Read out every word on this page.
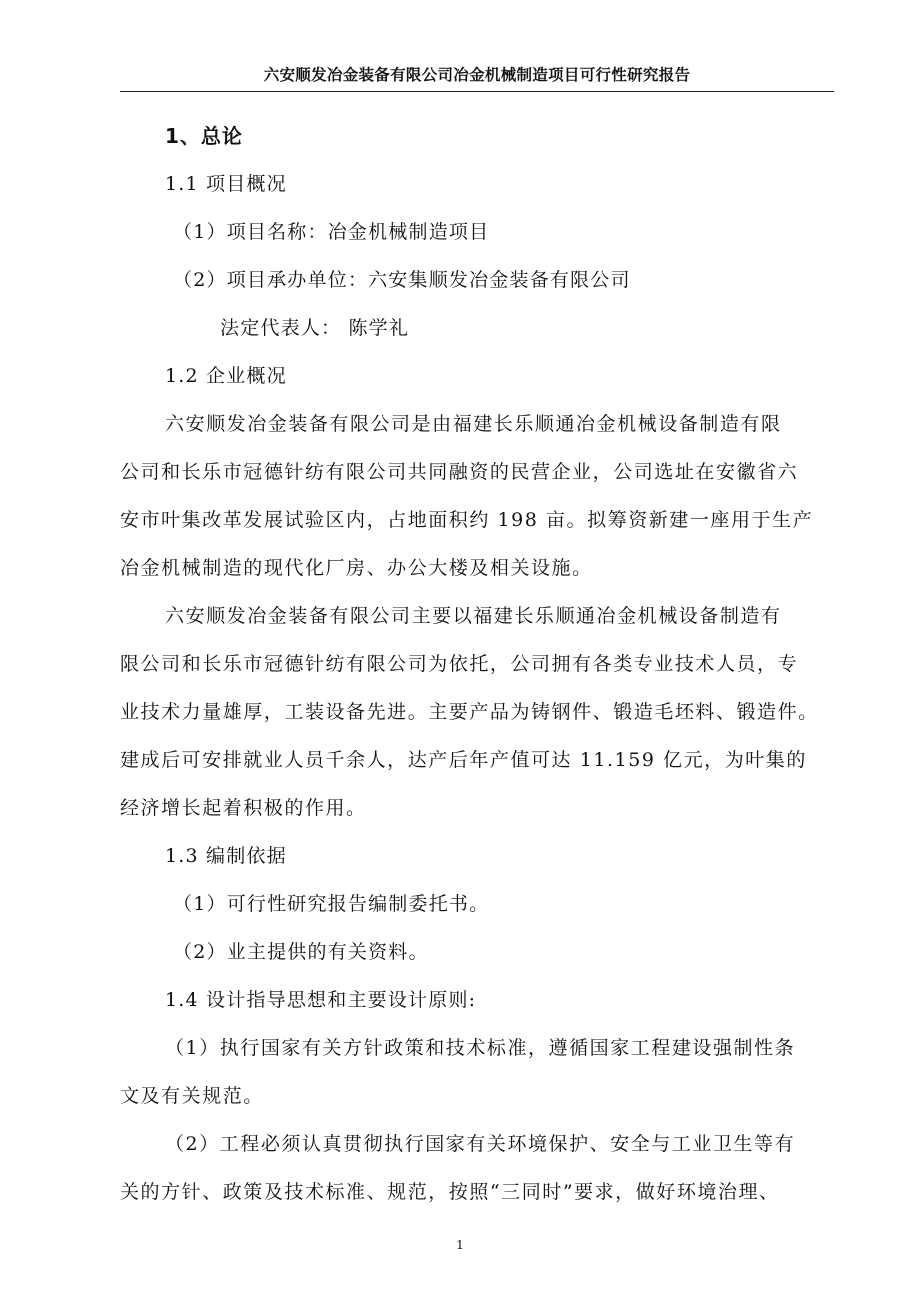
六安顺发冶金装备有限公司冶金机械制造项目可行性研究报告
1、总论
1.1 项目概况
（1）项目名称：冶金机械制造项目
（2）项目承办单位：六安集顺发冶金装备有限公司
法定代表人： 陈学礼
1.2 企业概况
六安顺发冶金装备有限公司是由福建长乐顺通冶金机械设备制造有限
公司和长乐市冠德针纺有限公司共同融资的民营企业，公司选址在安徽省六
安市叶集改革发展试验区内，占地面积约 198 亩。拟筹资新建一座用于生产
冶金机械制造的现代化厂房、办公大楼及相关设施。
六安顺发冶金装备有限公司主要以福建长乐顺通冶金机械设备制造有
限公司和长乐市冠德针纺有限公司为依托，公司拥有各类专业技术人员，专
业技术力量雄厚，工装设备先进。主要产品为铸钢件、锻造毛坯料、锻造件。
建成后可安排就业人员千余人，达产后年产值可达 11.159 亿元，为叶集的
经济增长起着积极的作用。
1.3 编制依据
（1）可行性研究报告编制委托书。
（2）业主提供的有关资料。
1.4 设计指导思想和主要设计原则:
（1）执行国家有关方针政策和技术标准，遵循国家工程建设强制性条
文及有关规范。
（2）工程必须认真贯彻执行国家有关环境保护、安全与工业卫生等有
关的方针、政策及技术标准、规范，按照“三同时”要求，做好环境治理、
1
